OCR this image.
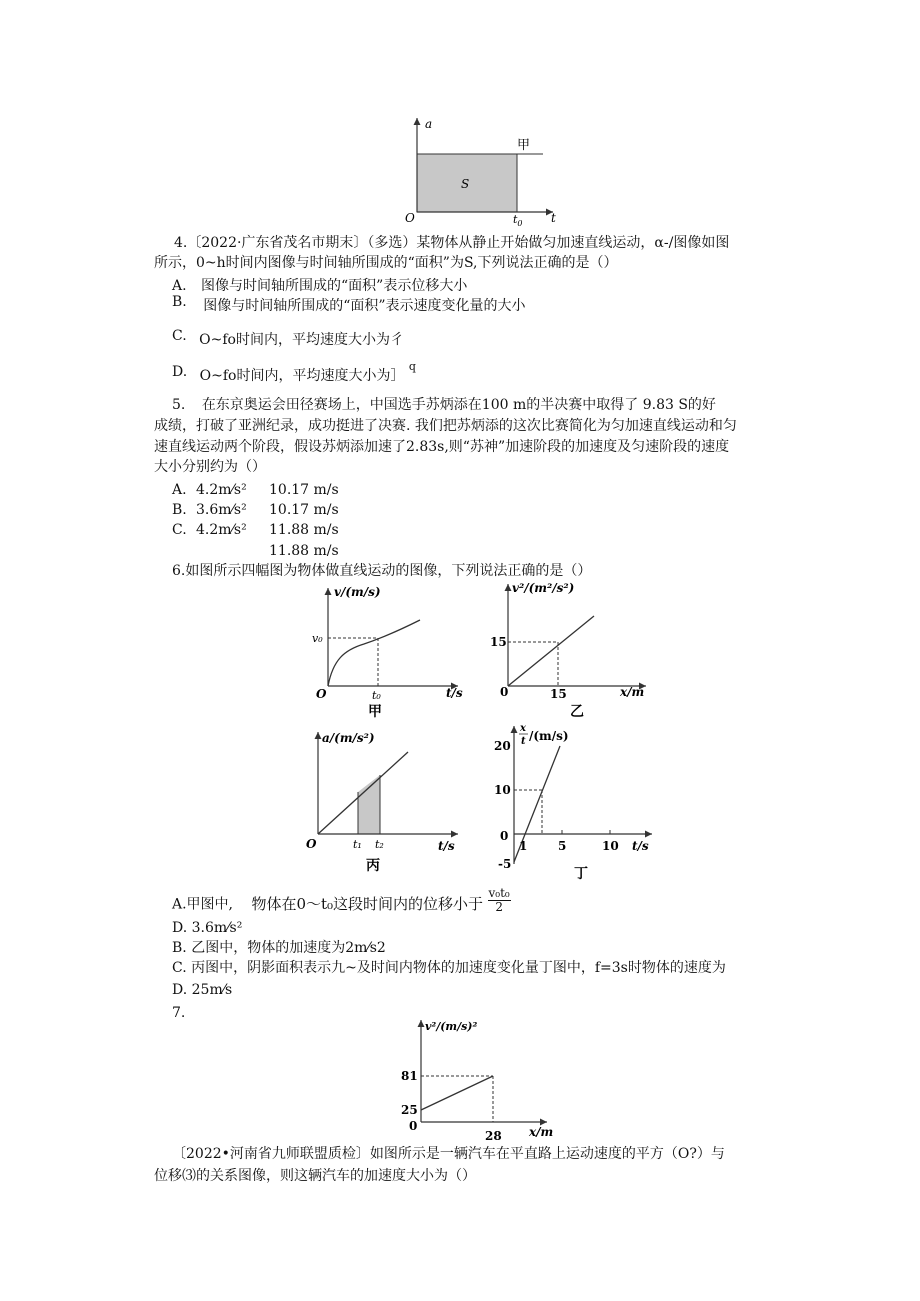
a
t
O
S
甲
$t_0$
4.〔2022·广东省茂名市期末〕（多选）某物体从静止开始做匀加速直线运动，α-/图像如图
所示，0~h时间内图像与时间轴所围成的“面积”为S,下列说法正确的是（）
A. 图像与时间轴所围成的“面积”表示位移大小
B. 图像与时间轴所围成的“面积”表示速度变化量的大小
C. O~fo时间内，平均速度大小为彳
D. O~fo时间内，平均速度大小为］ $^q$
5. 在东京奥运会田径赛场上，中国选手苏炳添在100 m的半决赛中取得了 9.83 S的好
成绩，打破了亚洲纪录，成功挺进了决赛. 我们把苏炳添的这次比赛简化为匀加速直线运动和匀
速直线运动两个阶段，假设苏炳添加速了2.83s,则“苏神”加速阶段的加速度及匀速阶段的速度
大小分别约为（）
A. 4.2m⁄s² 10.17 m/s
B. 3.6m⁄s² 10.17 m/s
C. 4.2m⁄s² 11.88 m/s
11.88 m/s
6.如图所示四幅图为物体做直线运动的图像，下列说法正确的是（）
v/(m/s)
t/s
O
v₀
t₀
甲
v²/(m²/s²)
x/m
0
15
15
乙
a/(m/s²)
t/s
O	t₁ t₂
丙
x
t /(m/s)
20
10
0
-5
1	5	10 t/s
丁
A.甲图中, 物体在0～t₀这段时间内的位移小于 $\frac{\text{v₀t₀}}{2}$
D. 3.6m⁄s²
B. 乙图中，物体的加速度为2m⁄s2
C. 丙图中，阴影面积表示九~及时间内物体的加速度变化量丁图中，f=3s时物体的速度为
D. 25m⁄s
7.
v²/(m/s)²
81
25
0
28 x/m
〔2022•河南省九师联盟质检〕如图所示是一辆汽车在平直路上运动速度的平方（O?）与
位移⑶的关系图像，则这辆汽车的加速度大小为（）
